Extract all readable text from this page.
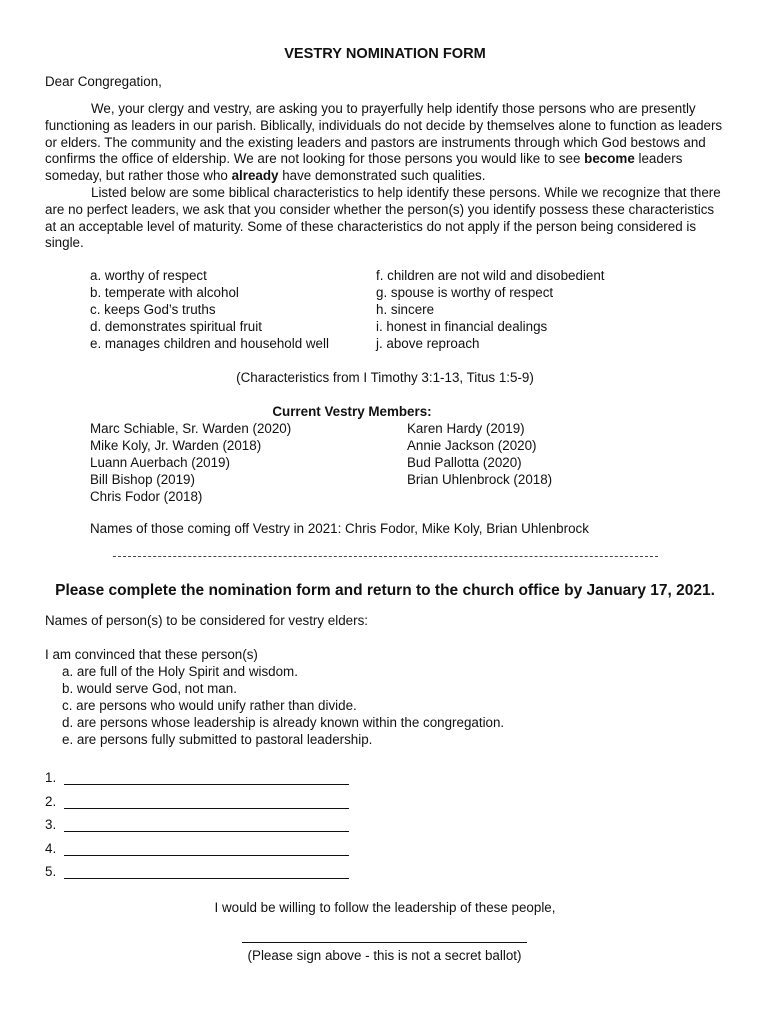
VESTRY NOMINATION FORM
Dear Congregation,

We, your clergy and vestry, are asking you to prayerfully help identify those persons who are presently functioning as leaders in our parish. Biblically, individuals do not decide by themselves alone to function as leaders or elders. The community and the existing leaders and pastors are instruments through which God bestows and confirms the office of eldership. We are not looking for those persons you would like to see become leaders someday, but rather those who already have demonstrated such qualities.

Listed below are some biblical characteristics to help identify these persons. While we recognize that there are no perfect leaders, we ask that you consider whether the person(s) you identify possess these characteristics at an acceptable level of maturity. Some of these characteristics do not apply if the person being considered is single.

a. worthy of respect
b. temperate with alcohol
c. keeps God’s truths
d. demonstrates spiritual fruit
e. manages children and household well
f. children are not wild and disobedient
g. spouse is worthy of respect
h. sincere
i. honest in financial dealings
j. above reproach
(Characteristics from I Timothy 3:1-13, Titus 1:5-9)
Current Vestry Members:
Marc Schiable, Sr. Warden (2020)
Mike Koly, Jr. Warden (2018)
Luann Auerbach (2019)
Bill Bishop (2019)
Chris Fodor (2018)
Karen Hardy (2019)
Annie Jackson (2020)
Bud Pallotta (2020)
Brian Uhlenbrock (2018)
Names of those coming off Vestry in 2021: Chris Fodor, Mike Koly, Brian Uhlenbrock
Please complete the nomination form and return to the church office by January 17, 2021.
Names of person(s) to be considered for vestry elders:
I am convinced that these person(s)
a. are full of the Holy Spirit and wisdom.
b. would serve God, not man.
c. are persons who would unify rather than divide.
d. are persons whose leadership is already known within the congregation.
e. are persons fully submitted to pastoral leadership.
1.
2.
3.
4.
5.
I would be willing to follow the leadership of these people,
(Please sign above - this is not a secret ballot)
